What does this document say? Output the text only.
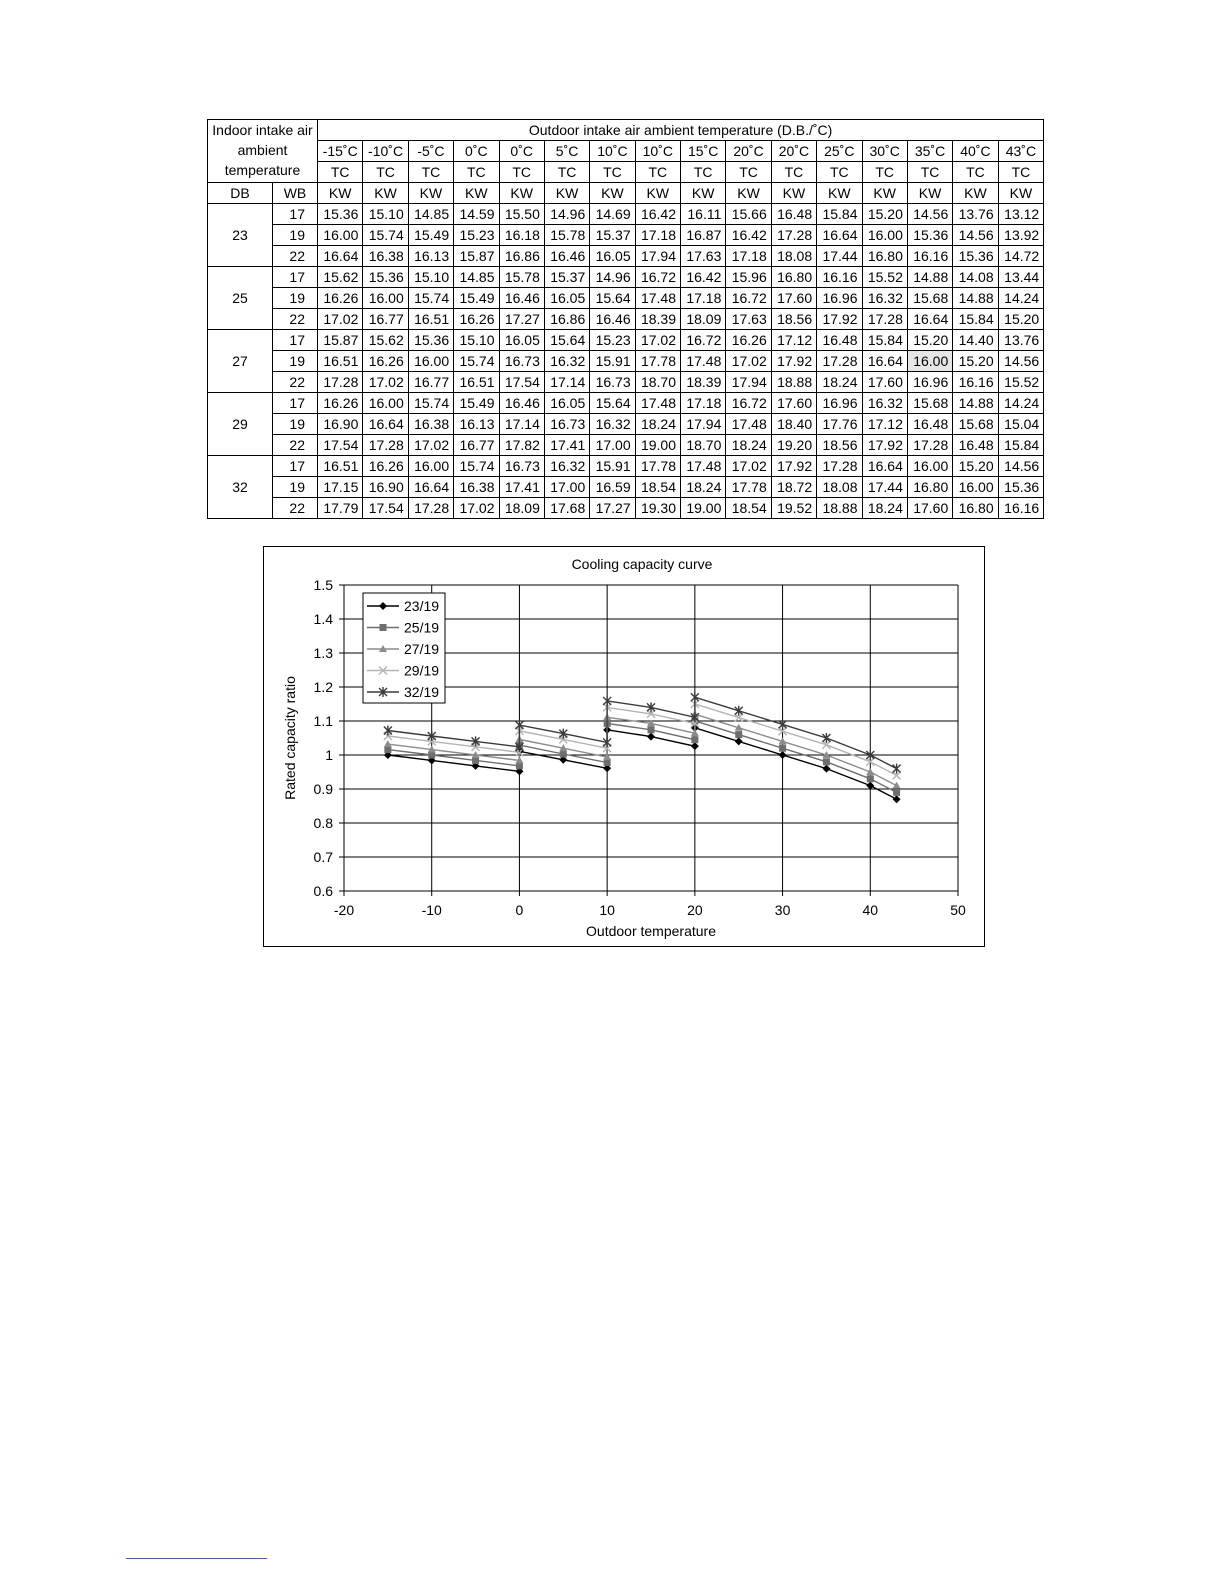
Indoor intake air
ambient
temperature		Outdoor intake air ambient temperature (D.B./˚C)															
		-15˚C	-10˚C	-5˚C	0˚C	0˚C	5˚C	10˚C	10˚C	15˚C	20˚C	20˚C	25˚C	30˚C	35˚C	40˚C	43˚C
		TC	TC	TC	TC	TC	TC	TC	TC	TC	TC	TC	TC	TC	TC	TC	TC
DB	WB	KW	KW	KW	KW	KW	KW	KW	KW	KW	KW	KW	KW	KW	KW	KW	KW
23	17	15.36	15.10	14.85	14.59	15.50	14.96	14.69	16.42	16.11	15.66	16.48	15.84	15.20	14.56	13.76	13.12
	19	16.00	15.74	15.49	15.23	16.18	15.78	15.37	17.18	16.87	16.42	17.28	16.64	16.00	15.36	14.56	13.92
	22	16.64	16.38	16.13	15.87	16.86	16.46	16.05	17.94	17.63	17.18	18.08	17.44	16.80	16.16	15.36	14.72
25	17	15.62	15.36	15.10	14.85	15.78	15.37	14.96	16.72	16.42	15.96	16.80	16.16	15.52	14.88	14.08	13.44
	19	16.26	16.00	15.74	15.49	16.46	16.05	15.64	17.48	17.18	16.72	17.60	16.96	16.32	15.68	14.88	14.24
	22	17.02	16.77	16.51	16.26	17.27	16.86	16.46	18.39	18.09	17.63	18.56	17.92	17.28	16.64	15.84	15.20
27	17	15.87	15.62	15.36	15.10	16.05	15.64	15.23	17.02	16.72	16.26	17.12	16.48	15.84	15.20	14.40	13.76
	19	16.51	16.26	16.00	15.74	16.73	16.32	15.91	17.78	17.48	17.02	17.92	17.28	16.64	16.00	15.20	14.56
	22	17.28	17.02	16.77	16.51	17.54	17.14	16.73	18.70	18.39	17.94	18.88	18.24	17.60	16.96	16.16	15.52
29	17	16.26	16.00	15.74	15.49	16.46	16.05	15.64	17.48	17.18	16.72	17.60	16.96	16.32	15.68	14.88	14.24
	19	16.90	16.64	16.38	16.13	17.14	16.73	16.32	18.24	17.94	17.48	18.40	17.76	17.12	16.48	15.68	15.04
	22	17.54	17.28	17.02	16.77	17.82	17.41	17.00	19.00	18.70	18.24	19.20	18.56	17.92	17.28	16.48	15.84
32	17	16.51	16.26	16.00	15.74	16.73	16.32	15.91	17.78	17.48	17.02	17.92	17.28	16.64	16.00	15.20	14.56
	19	17.15	16.90	16.64	16.38	17.41	17.00	16.59	18.54	18.24	17.78	18.72	18.08	17.44	16.80	16.00	15.36
	22	17.79	17.54	17.28	17.02	18.09	17.68	17.27	19.30	19.00	18.54	19.52	18.88	18.24	17.60	16.80	16.16
0.6
0.7
0.8
0.9
1
1.1
1.2
1.3
1.4
1.5
-20	-10	0	10	20	30	40	50
Cooling capacity curve
Outdoor temperature
Rated capacity ratio
23/19
25/19
27/19
29/19
32/19
